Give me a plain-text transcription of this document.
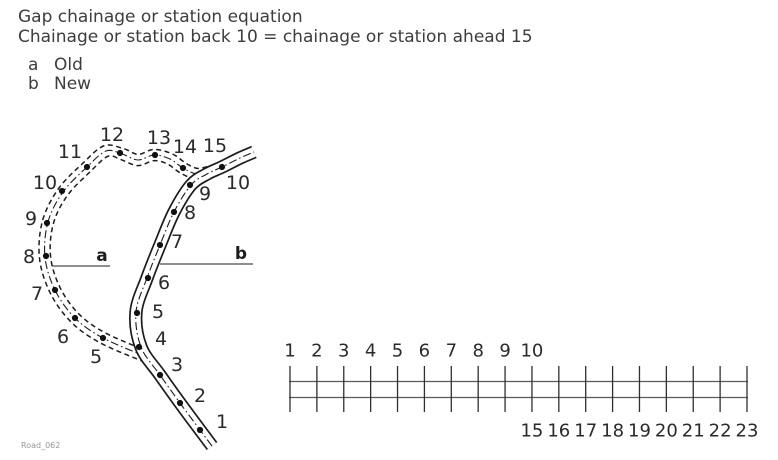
Gap chainage or station equation
Chainage or station back 10 = chainage or station ahead 15
a Old
b New
a	b
5
6
7
8
9
10
11
12 13 14 15
1
2
3
4
5
6
7
8
9 10
1 2 3 4 5 6 7 8 9 10
15 16 17 18 19 20 21 22 23
Road_062
